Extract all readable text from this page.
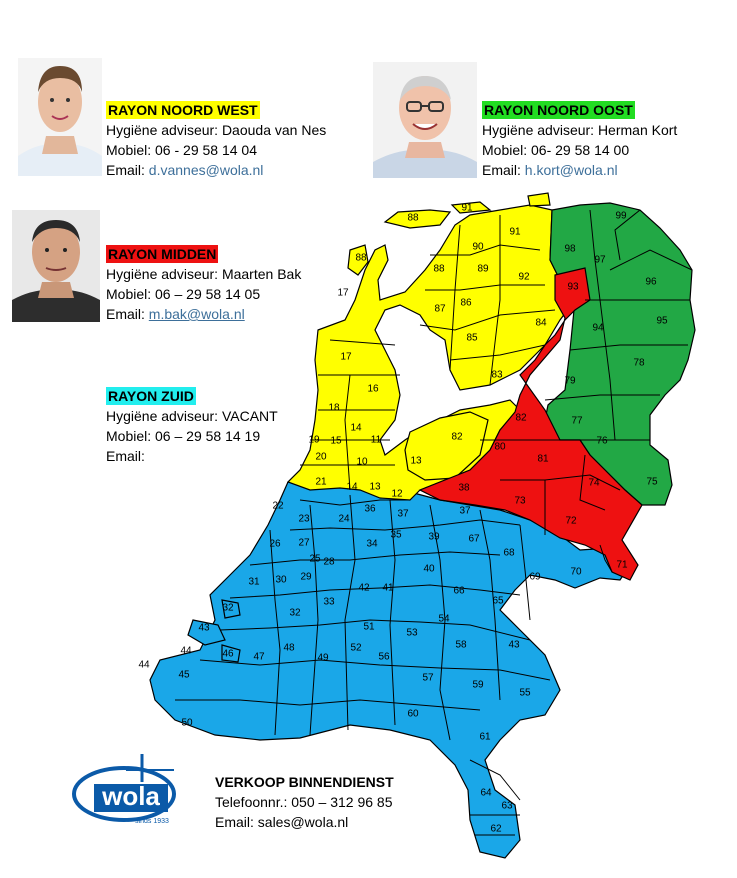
88
91
91
90
89
88
86
87
85
92
84
83
82
88
17
17
16
18
14
11
19 15
20	10	13
21 14 13
12
82
99
98
97
96
95
94
78
77
76
75
93
79
80
81
74
38
73
72
71
37
37
22
23	24
36
35
34
39	67
68
26 27
28
25
31 30 29
33
42 41
40
66
69	70
65
32	32
43
44	46 47
48
49
51
52
53
54
58	43
44
45
50
56
57
59
55
60
61
64
63
62
RAYON NOORD WEST
Hygiëne adviseur: Daouda van Nes
Mobiel: 06 - 29 58 14 04
Email: d.vannes@wola.nl
RAYON NOORD OOST
Hygiëne adviseur: Herman Kort
Mobiel: 06- 29 58 14 00
Email: h.kort@wola.nl
RAYON MIDDEN
Hygiëne adviseur: Maarten Bak
Mobiel: 06 – 29 58 14 05
Email: m.bak@wola.nl
RAYON ZUID
Hygiëne adviseur: VACANT
Mobiel: 06 – 29 58 14 19
Email:
wola
sinds 1933
VERKOOP BINNENDIENST
Telefoonnr.: 050 – 312 96 85
Email: sales@wola.nl
